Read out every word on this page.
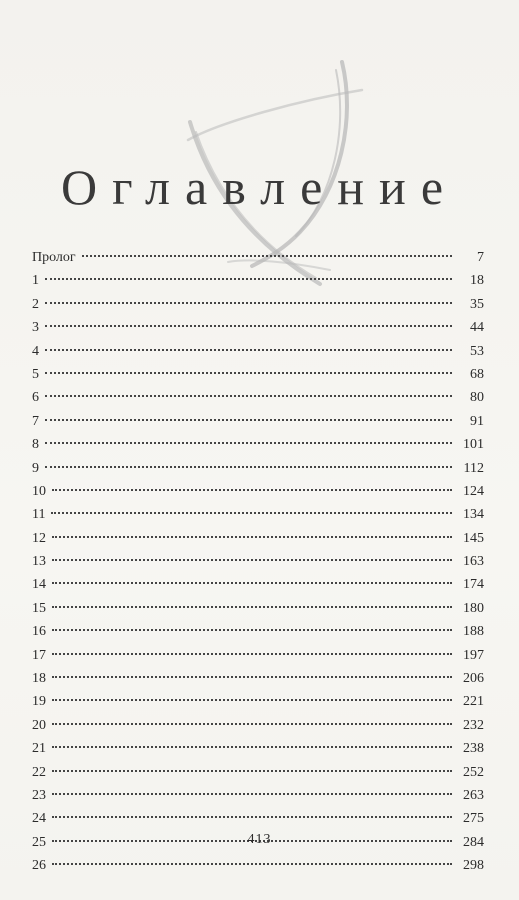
Оглавление
Пролог	7
1	18
2	35
3	44
4	53
5	68
6	80
7	91
8	101
9	112
10	124
11	134
12	145
13	163
14	174
15	180
16	188
17	197
18	206
19	221
20	232
21	238
22	252
23	263
24	275
25	284
26	298
413
